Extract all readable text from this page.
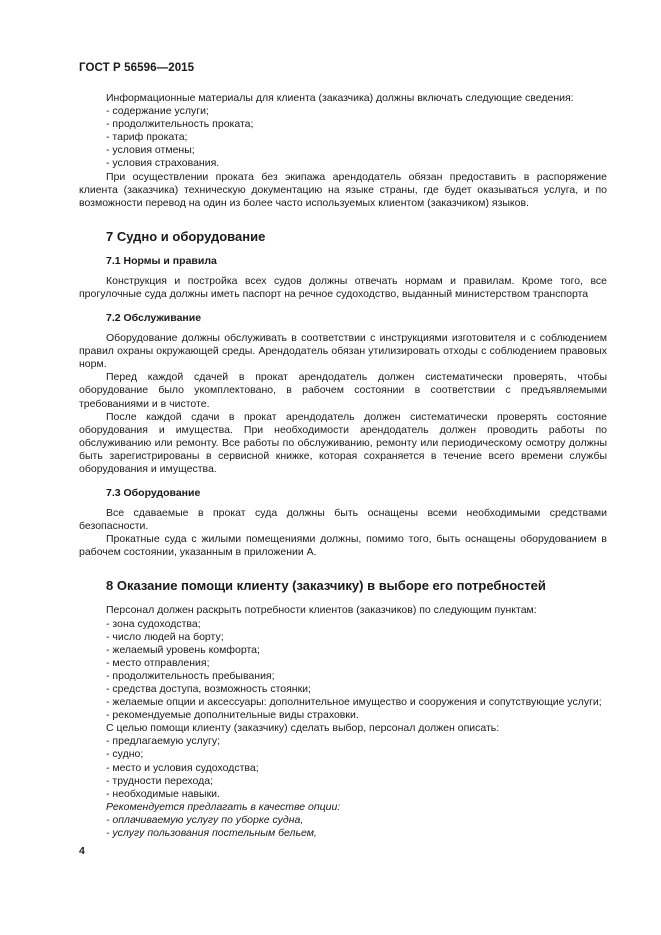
ГОСТ Р 56596—2015

Информационные материалы для клиента (заказчика) должны включать следующие сведения:

- содержание услуги;

- продолжительность проката;

- тариф проката;

- условия отмены;

- условия страхования.

При осуществлении проката без экипажа арендодатель обязан предоставить в распоряжение клиента (заказчика) техническую документацию на языке страны, где будет оказываться услуга, и по возможности перевод на один из более часто используемых клиентом (заказчиком) языков.

7 Судно и оборудование
7.1 Нормы и правила

Конструкция и постройка всех судов должны отвечать нормам и правилам. Кроме того, все прогулочные суда должны иметь паспорт на речное судоходство, выданный министерством транспорта

7.2 Обслуживание

Оборудование должны обслуживать в соответствии с инструкциями изготовителя и с соблюдением правил охраны окружающей среды. Арендодатель обязан утилизировать отходы с соблюдением правовых норм.

Перед каждой сдачей в прокат арендодатель должен систематически проверять, чтобы оборудование было укомплектовано, в рабочем состоянии в соответствии с предъявляемыми требованиями и в чистоте.

После каждой сдачи в прокат арендодатель должен систематически проверять состояние оборудования и имущества. При необходимости арендодатель должен проводить работы по обслуживанию или ремонту. Все работы по обслуживанию, ремонту или периодическому осмотру должны быть зарегистрированы в сервисной книжке, которая сохраняется в течение всего времени службы оборудования и имущества.

7.3 Оборудование

Все сдаваемые в прокат суда должны быть оснащены всеми необходимыми средствами безопасности.

Прокатные суда с жилыми помещениями должны, помимо того, быть оснащены оборудованием в рабочем состоянии, указанным в приложении А.

8 Оказание помощи клиенту (заказчику) в выборе его потребностей

Персонал должен раскрыть потребности клиентов (заказчиков) по следующим пунктам:

- зона судоходства;

- число людей на борту;

- желаемый уровень комфорта;

- место отправления;

- продолжительность пребывания;

- средства доступа, возможность стоянки;

- желаемые опции и аксессуары: дополнительное имущество и сооружения и сопутствующие услуги;

- рекомендуемые дополнительные виды страховки.

С целью помощи клиенту (заказчику) сделать выбор, персонал должен описать:

- предлагаемую услугу;

- судно;

- место и условия судоходства;

- трудности перехода;

- необходимые навыки.

Рекомендуется предлагать в качестве опции:

- оплачиваемую услугу по уборке судна,

- услугу пользования постельным бельем,

4
